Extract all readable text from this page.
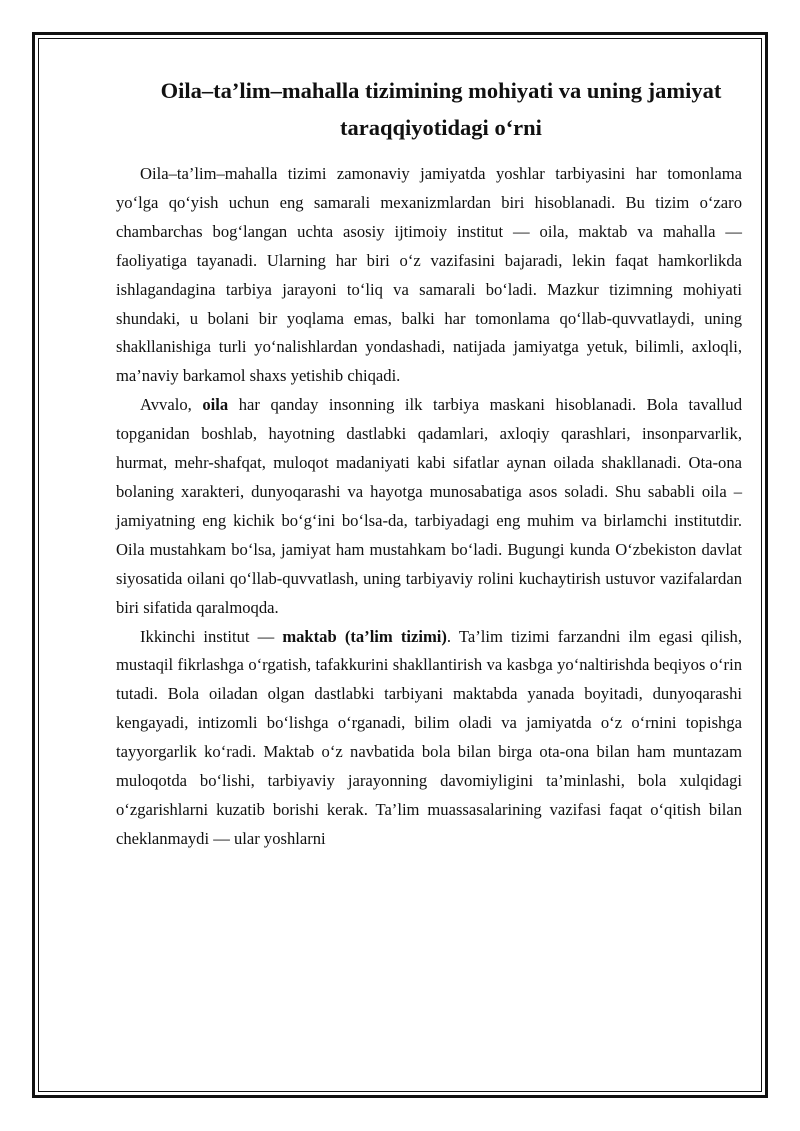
Oila–ta’lim–mahalla tizimining mohiyati va uning jamiyat taraqqiyotidagi o‘rni

Oila–ta’lim–mahalla tizimi zamonaviy jamiyatda yoshlar tarbiyasini har tomonlama yo‘lga qo‘yish uchun eng samarali mexanizmlardan biri hisoblanadi. Bu tizim o‘zaro chambarchas bog‘langan uchta asosiy ijtimoiy institut — oila, maktab va mahalla — faoliyatiga tayanadi. Ularning har biri o‘z vazifasini bajaradi, lekin faqat hamkorlikda ishlagandagina tarbiya jarayoni to‘liq va samarali bo‘ladi. Mazkur tizimning mohiyati shundaki, u bolani bir yoqlama emas, balki har tomonlama qo‘llab-quvvatlaydi, uning shakllanishiga turli yo‘nalishlardan yondashadi, natijada jamiyatga yetuk, bilimli, axloqli, ma’naviy barkamol shaxs yetishib chiqadi.

Avvalo, oila har qanday insonning ilk tarbiya maskani hisoblanadi. Bola tavallud topganidan boshlab, hayotning dastlabki qadamlari, axloqiy qarashlari, insonparvarlik, hurmat, mehr-shafqat, muloqot madaniyati kabi sifatlar aynan oilada shakllanadi. Ota-ona bolaning xarakteri, dunyoqarashi va hayotga munosabatiga asos soladi. Shu sababli oila – jamiyatning eng kichik bo‘g‘ini bo‘lsa-da, tarbiyadagi eng muhim va birlamchi institutdir. Oila mustahkam bo‘lsa, jamiyat ham mustahkam bo‘ladi. Bugungi kunda O‘zbekiston davlat siyosatida oilani qo‘llab-quvvatlash, uning tarbiyaviy rolini kuchaytirish ustuvor vazifalardan biri sifatida qaralmoqda.

Ikkinchi institut — maktab (ta’lim tizimi). Ta’lim tizimi farzandni ilm egasi qilish, mustaqil fikrlashga o‘rgatish, tafakkurini shakllantirish va kasbga yo‘naltirishda beqiyos o‘rin tutadi. Bola oiladan olgan dastlabki tarbiyani maktabda yanada boyitadi, dunyoqarashi kengayadi, intizomli bo‘lishga o‘rganadi, bilim oladi va jamiyatda o‘z o‘rnini topishga tayyorgarlik ko‘radi. Maktab o‘z navbatida bola bilan birga ota-ona bilan ham muntazam muloqotda bo‘lishi, tarbiyaviy jarayonning davomiyligini ta’minlashi, bola xulqidagi o‘zgarishlarni kuzatib borishi kerak. Ta’lim muassasalarining vazifasi faqat o‘qitish bilan cheklanmaydi — ular yoshlarni
